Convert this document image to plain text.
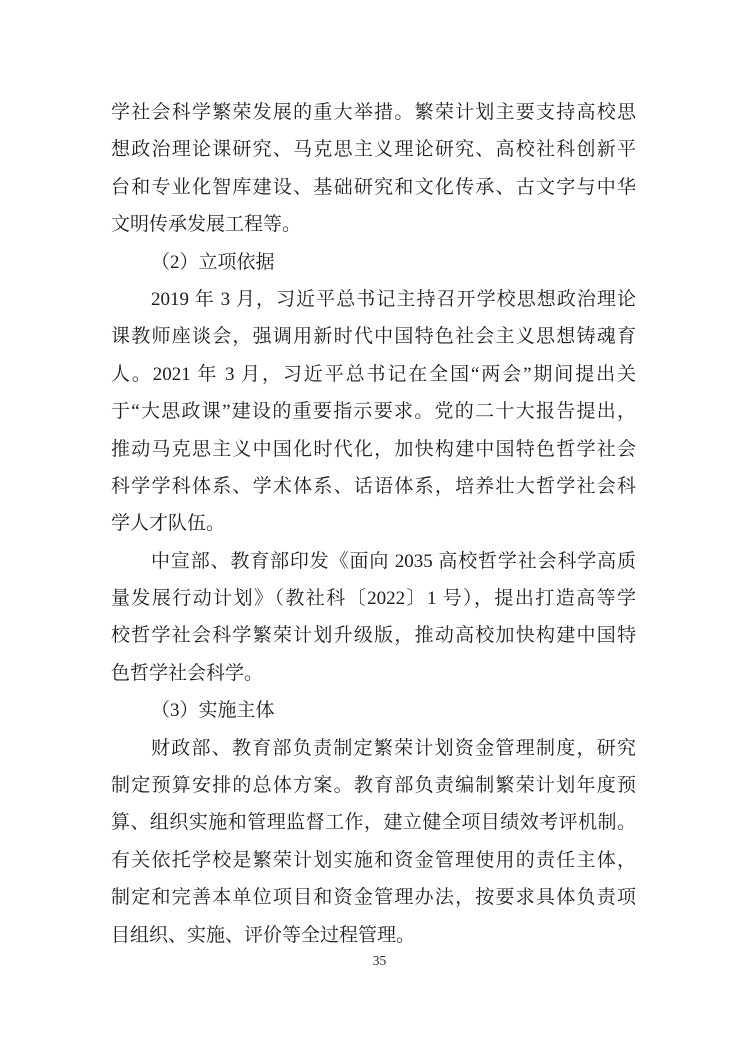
学社会科学繁荣发展的重大举措。繁荣计划主要支持高校思
想政治理论课研究、马克思主义理论研究、高校社科创新平
台和专业化智库建设、基础研究和文化传承、古文字与中华
文明传承发展工程等。
（2）立项依据
2019 年 3 月，习近平总书记主持召开学校思想政治理论
课教师座谈会，强调用新时代中国特色社会主义思想铸魂育
人。2021 年 3 月，习近平总书记在全国“两会”期间提出关
于“大思政课”建设的重要指示要求。党的二十大报告提出，
推动马克思主义中国化时代化，加快构建中国特色哲学社会
科学学科体系、学术体系、话语体系，培养壮大哲学社会科
学人才队伍。
中宣部、教育部印发《面向 2035 高校哲学社会科学高质
量发展行动计划》（教社科〔2022〕1 号），提出打造高等学
校哲学社会科学繁荣计划升级版，推动高校加快构建中国特
色哲学社会科学。
（3）实施主体
财政部、教育部负责制定繁荣计划资金管理制度，研究
制定预算安排的总体方案。教育部负责编制繁荣计划年度预
算、组织实施和管理监督工作，建立健全项目绩效考评机制。
有关依托学校是繁荣计划实施和资金管理使用的责任主体，
制定和完善本单位项目和资金管理办法，按要求具体负责项
目组织、实施、评价等全过程管理。
35
